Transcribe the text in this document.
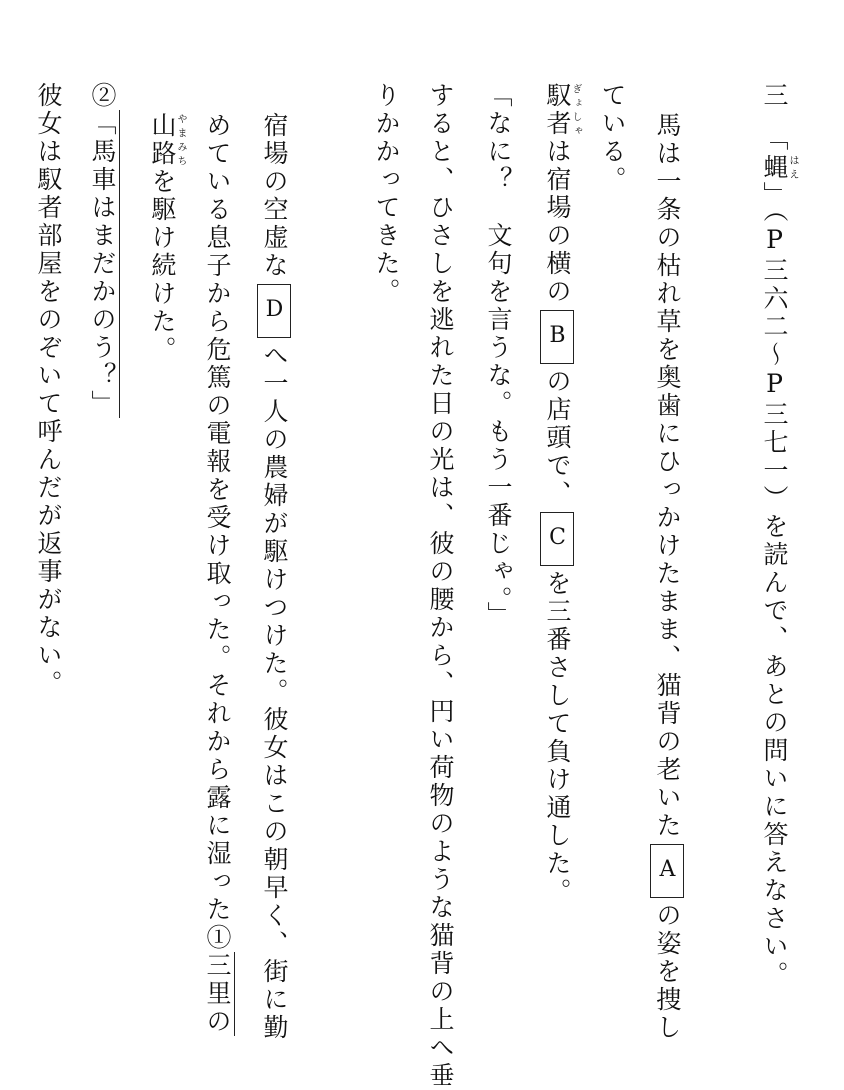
三　「蝿はえ」（P三六二〜P三七一）を読んで、あとの問いに答えなさい。
馬は一条の枯れ草を奥歯にひっかけたまま、猫背の老いたAの姿を捜し
ている。
馭者ぎょしゃは宿場の横のBの店頭で、Cを三番さして負け通した。
「なに？　文句を言うな。もう一番じゃ。」
すると、ひさしを逃れた日の光は、彼の腰から、円い荷物のような猫背の上へ垂
りかかってきた。
宿場の空虚なDへ一人の農婦が駆けつけた。彼女はこの朝早く、街に勤
めている息子から危篤の電報を受け取った。それから露に湿った①三里の
山路やまみちを駆け続けた。
②「馬車はまだかのう？」
彼女は馭者部屋をのぞいて呼んだが返事がない。
